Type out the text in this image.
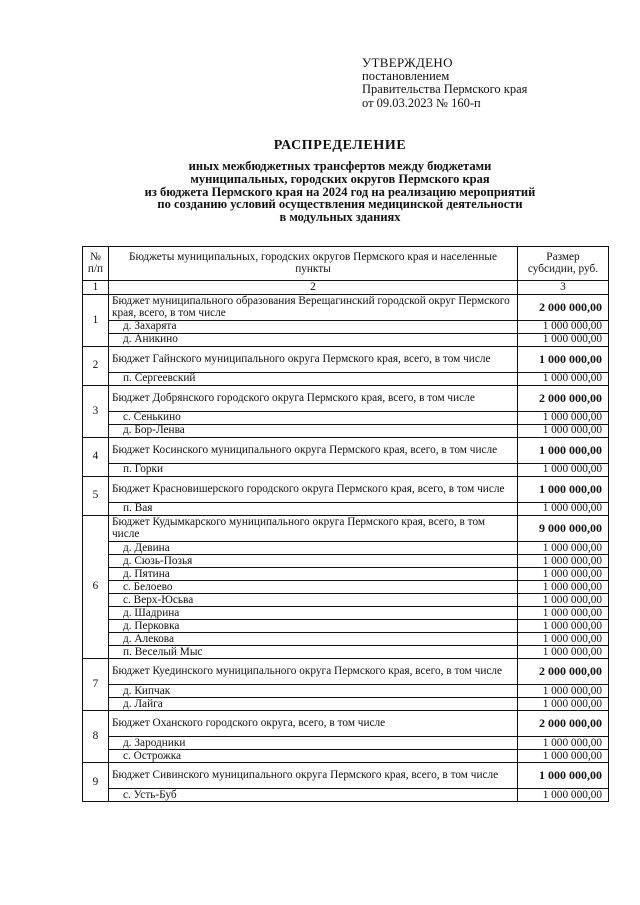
УТВЕРЖДЕНО
постановлением
Правительства Пермского края
от 09.03.2023 № 160-п
РАСПРЕДЕЛЕНИЕ
иных межбюджетных трансфертов между бюджетами
муниципальных, городских округов Пермского края
из бюджета Пермского края на 2024 год на реализацию мероприятий
по созданию условий осуществления медицинской деятельности
в модульных зданиях
№ п/п	Бюджеты муниципальных, городских округов Пермского края и населенные пункты	Размер субсидии, руб.
1	2	3
1	Бюджет муниципального образования Верещагинский городской округ Пермского края, всего, в том числе	2 000 000,00
	д. Захарята	1 000 000,00
	д. Аникино	1 000 000,00
2	Бюджет Гайнского муниципального округа Пермского края, всего, в том числе	1 000 000,00
	п. Сергеевский	1 000 000,00
3	Бюджет Добрянского городского округа Пермского края, всего, в том числе	2 000 000,00
	с. Сенькино	1 000 000,00
	д. Бор-Ленва	1 000 000,00
4	Бюджет Косинского муниципального округа Пермского края, всего, в том числе	1 000 000,00
	п. Горки	1 000 000,00
5	Бюджет Красновишерского городского округа Пермского края, всего, в том числе	1 000 000,00
	п. Вая	1 000 000,00
6	Бюджет Кудымкарского муниципального округа Пермского края, всего, в том числе	9 000 000,00
	д. Девина	1 000 000,00
	д. Сюзь-Позья	1 000 000,00
	д. Пятина	1 000 000,00
	с. Белоево	1 000 000,00
	с. Верх-Юсьва	1 000 000,00
	д. Шадрина	1 000 000,00
	д. Перковка	1 000 000,00
	д. Алекова	1 000 000,00
	п. Веселый Мыс	1 000 000,00
7	Бюджет Куединского муниципального округа Пермского края, всего, в том числе	2 000 000,00
	д. Кипчак	1 000 000,00
	д. Лайга	1 000 000,00
8	Бюджет Оханского городского округа, всего, в том числе	2 000 000,00
	д. Зародники	1 000 000,00
	с. Острожка	1 000 000,00
9	Бюджет Сивинского муниципального округа Пермского края, всего, в том числе	1 000 000,00
	с. Усть-Буб	1 000 000,00
